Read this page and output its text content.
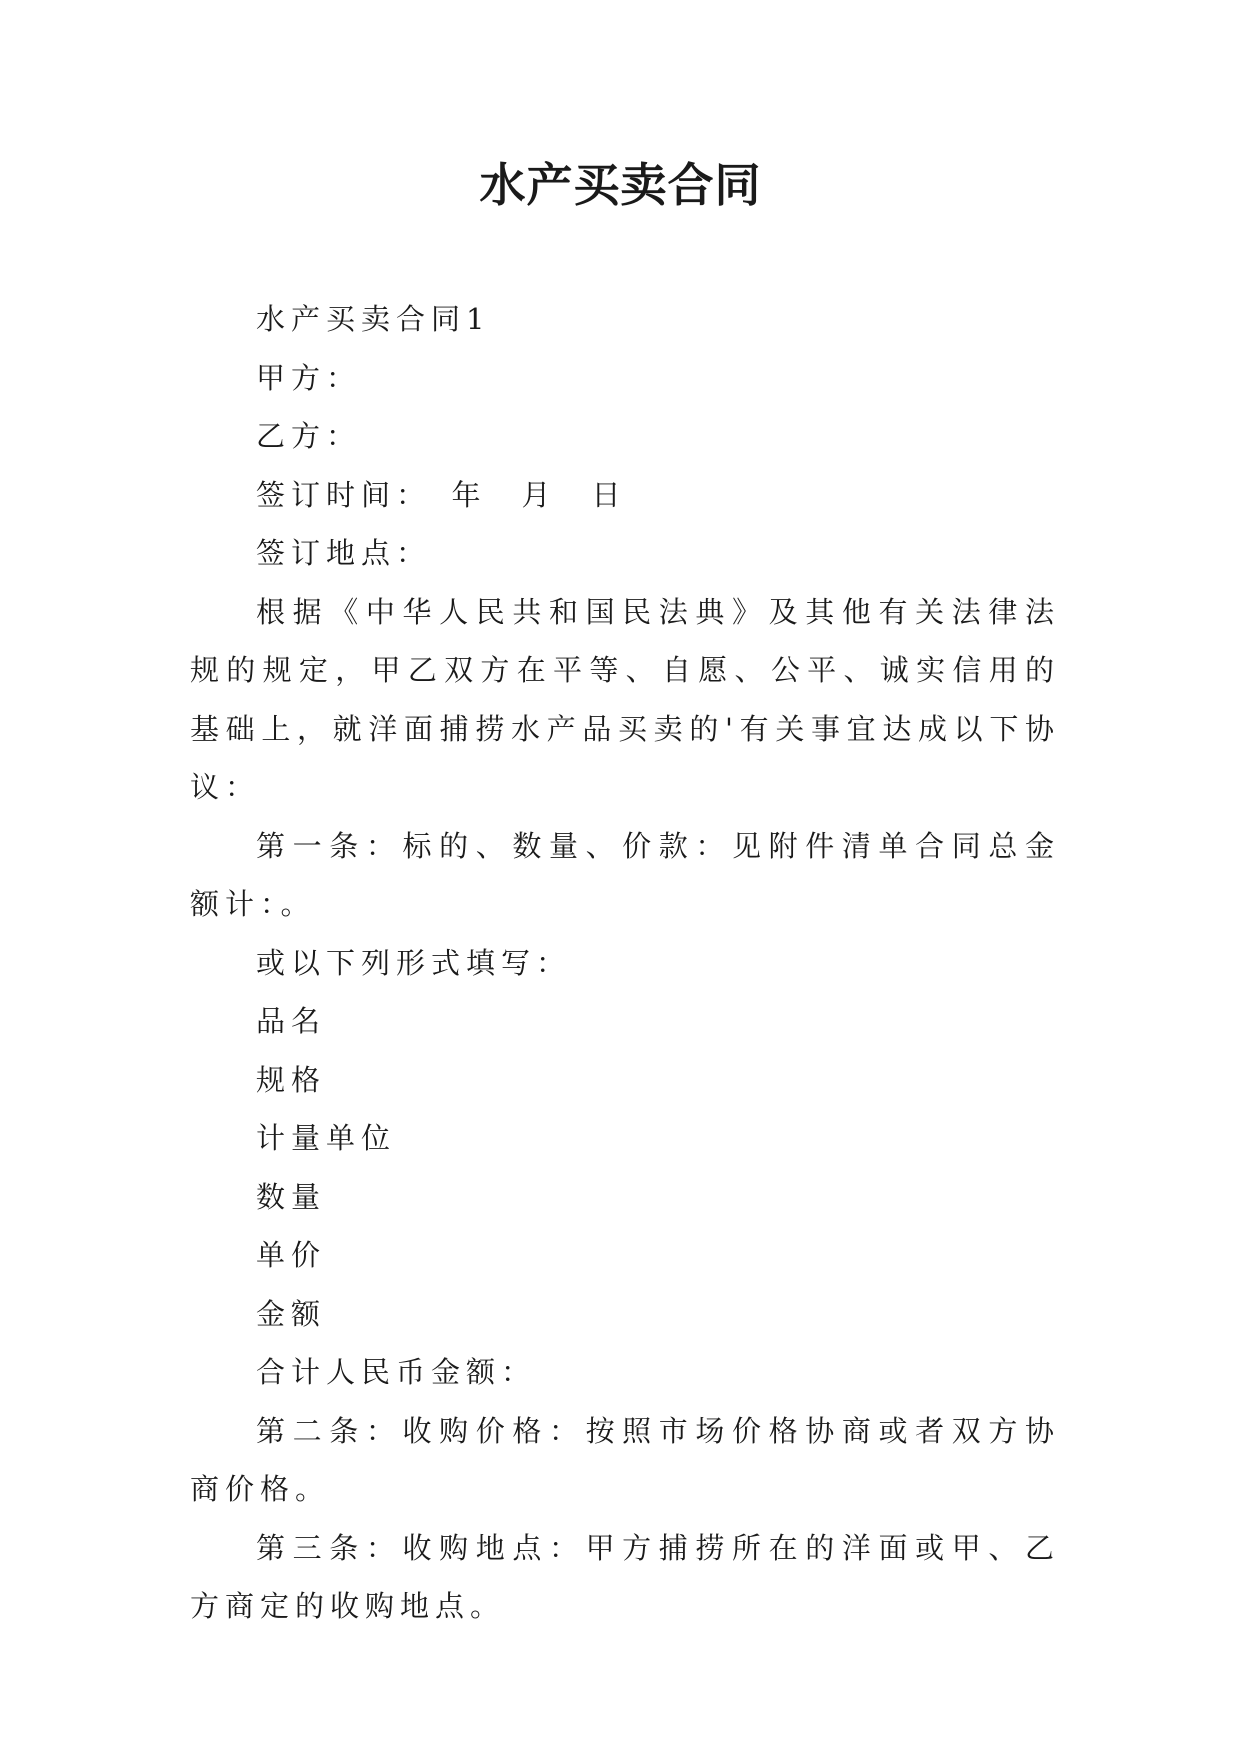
水产买卖合同

水产买卖合同1

甲方：

乙方：

签订时间：　年　月　日

签订地点：

根据《中华人民共和国民法典》及其他有关法律法规的规定，甲乙双方在平等、自愿、公平、诚实信用的基础上，就洋面捕捞水产品买卖的'有关事宜达成以下协议：

第一条：标的、数量、价款：见附件清单合同总金额计：。

或以下列形式填写：

品名

规格

计量单位

数量

单价

金额

合计人民币金额：

第二条：收购价格：按照市场价格协商或者双方协商价格。

第三条：收购地点：甲方捕捞所在的洋面或甲、乙方商定的收购地点。
